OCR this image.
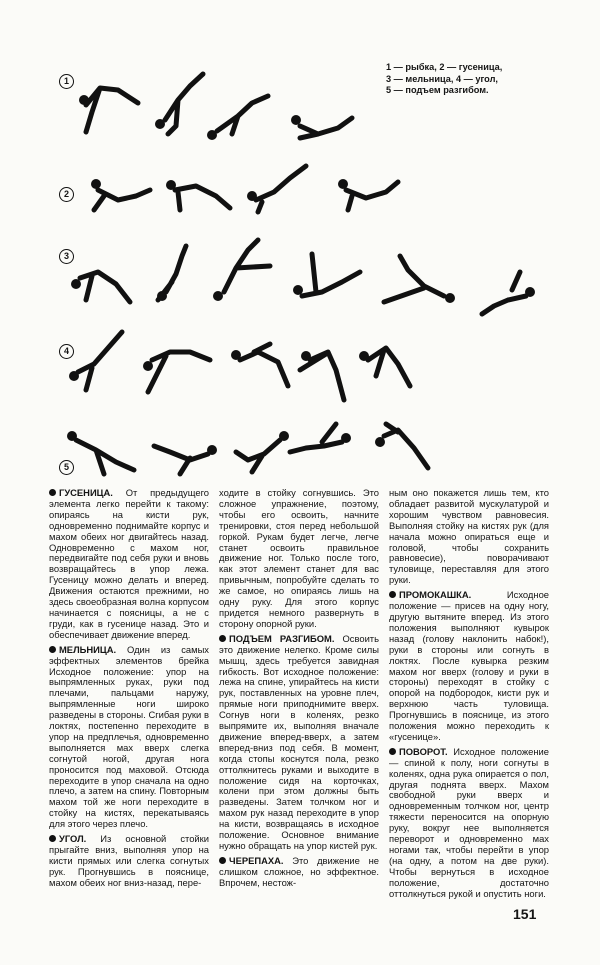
1 — рыбка, 2 — гусеница,
3 — мельница, 4 — угол,
5 — подъем разгибом.
1
2
3
4
5

ГУСЕНИЦА. От предыдущего элемента легко перейти к такому: опираясь на кисти рук, одновременно поднимайте корпус и махом обеих ног двигайтесь назад. Одновременно с махом ног, передвигайте под себя руки и вновь возвращайтесь в упор лежа. Гусеницу можно делать и вперед. Движения остаются прежними, но здесь своеобразная волна корпусом начинается с поясницы, а не с груди, как в гусенице назад. Это и обеспечивает движение вперед.

МЕЛЬНИЦА. Один из самых эффектных элементов брейка Исходное положение: упор на выпрямленных руках, руки под плечами, пальцами наружу, выпрямленные ноги широко разведены в стороны. Сгибая руки в локтях, постепенно переходите в упор на предплечья, одновременно выполняется мах вверх слегка согнутой ногой, другая нога проносится под маховой. Отсюда переходите в упор сначала на одно плечо, а затем на спину. Повторным махом той же ноги переходите в стойку на кистях, перекатываясь для этого через плечо.

УГОЛ. Из основной стойки прыгайте вниз, выполняя упор на кисти прямых или слегка согнутых рук. Прогнувшись в пояснице, махом обеих ног вниз-назад, пере-

ходите в стойку согнувшись. Это сложное упражнение, поэтому, чтобы его освоить, начните тренировки, стоя перед небольшой горкой. Рукам будет легче, легче станет освоить правильное движение ног. Только после того, как этот элемент станет для вас привычным, попробуйте сделать то же самое, но опираясь лишь на одну руку. Для этого корпус придется немного развернуть в сторону опорной руки.

ПОДЪЕМ РАЗГИБОМ. Освоить это движение нелегко. Кроме силы мышц, здесь требуется завидная гибкость. Вот исходное положение: лежа на спине, упирайтесь на кисти рук, поставленных на уровне плеч, прямые ноги приподнимите вверх. Согнув ноги в коленях, резко выпрямите их, выполняя вначале движение вперед-вверх, а затем вперед-вниз под себя. В момент, когда стопы коснутся пола, резко оттолкнитесь руками и выходите в положение сидя на корточках, колени при этом должны быть разведены. Затем толчком ног и махом рук назад переходите в упор на кисти, возвращаясь в исходное положение. Основное внимание нужно обращать на упор кистей рук.

ЧЕРЕПАХА. Это движение не слишком сложное, но эффектное. Впрочем, нестож-

ным оно покажется лишь тем, кто обладает развитой мускулатурой и хорошим чувством равновесия. Выполняя стойку на кистях рук (для начала можно опираться еще и головой, чтобы сохранить равновесие), поворачивают туловище, переставляя для этого руки.

ПРОМОКАШКА. Исходное положение — присев на одну ногу, другую вытяните вперед. Из этого положения выполняют кувырок назад (голову наклонить набок!), руки в стороны или согнуть в локтях. После кувырка резким махом ног вверх (голову и руки в стороны) переходят в стойку с опорой на подбородок, кисти рук и верхнюю часть туловища. Прогнувшись в пояснице, из этого положения можно переходить к «гусенице».

ПОВОРОТ. Исходное положение — спиной к полу, ноги согнуты в коленях, одна рука опирается о пол, другая поднята вверх. Махом свободной руки вверх и одновременным толчком ног, центр тяжести переносится на опорную руку, вокруг нее выполняется переворот и одновременно мах ногами так, чтобы перейти в упор (на одну, а потом на две руки). Чтобы вернуться в исходное положение, достаточно оттолкнуться рукой и опустить ноги.

151
